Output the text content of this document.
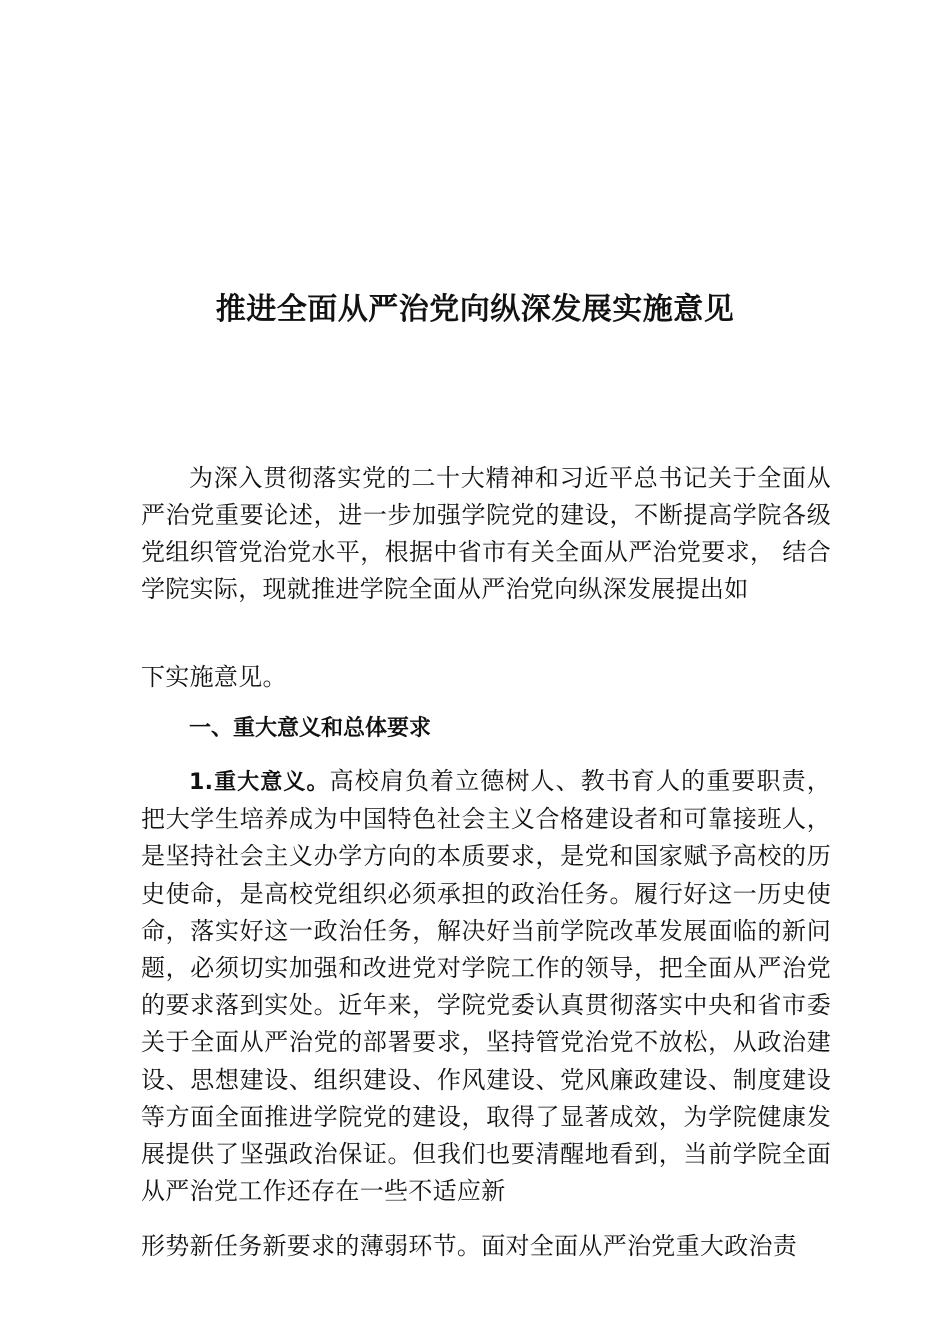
推进全面从严治党向纵深发展实施意见

为深入贯彻落实党的二十大精神和习近平总书记关于全面从严治党重要论述，进一步加强学院党的建设，不断提高学院各级党组织管党治党水平，根据中省市有关全面从严治党要求， 结合学院实际，现就推进学院全面从严治党向纵深发展提出如

下实施意见。

一、重大意义和总体要求

1.重大意义。高校肩负着立德树人、教书育人的重要职责，把大学生培养成为中国特色社会主义合格建设者和可靠接班人，是坚持社会主义办学方向的本质要求，是党和国家赋予高校的历史使命，是高校党组织必须承担的政治任务。履行好这一历史使命，落实好这一政治任务，解决好当前学院改革发展面临的新问题，必须切实加强和改进党对学院工作的领导，把全面从严治党的要求落到实处。近年来，学院党委认真贯彻落实中央和省市委关于全面从严治党的部署要求，坚持管党治党不放松，从政治建设、思想建设、组织建设、作风建设、党风廉政建设、制度建设等方面全面推进学院党的建设，取得了显著成效，为学院健康发展提供了坚强政治保证。但我们也要清醒地看到，当前学院全面从严治党工作还存在一些不适应新

形势新任务新要求的薄弱环节。面对全面从严治党重大政治责
